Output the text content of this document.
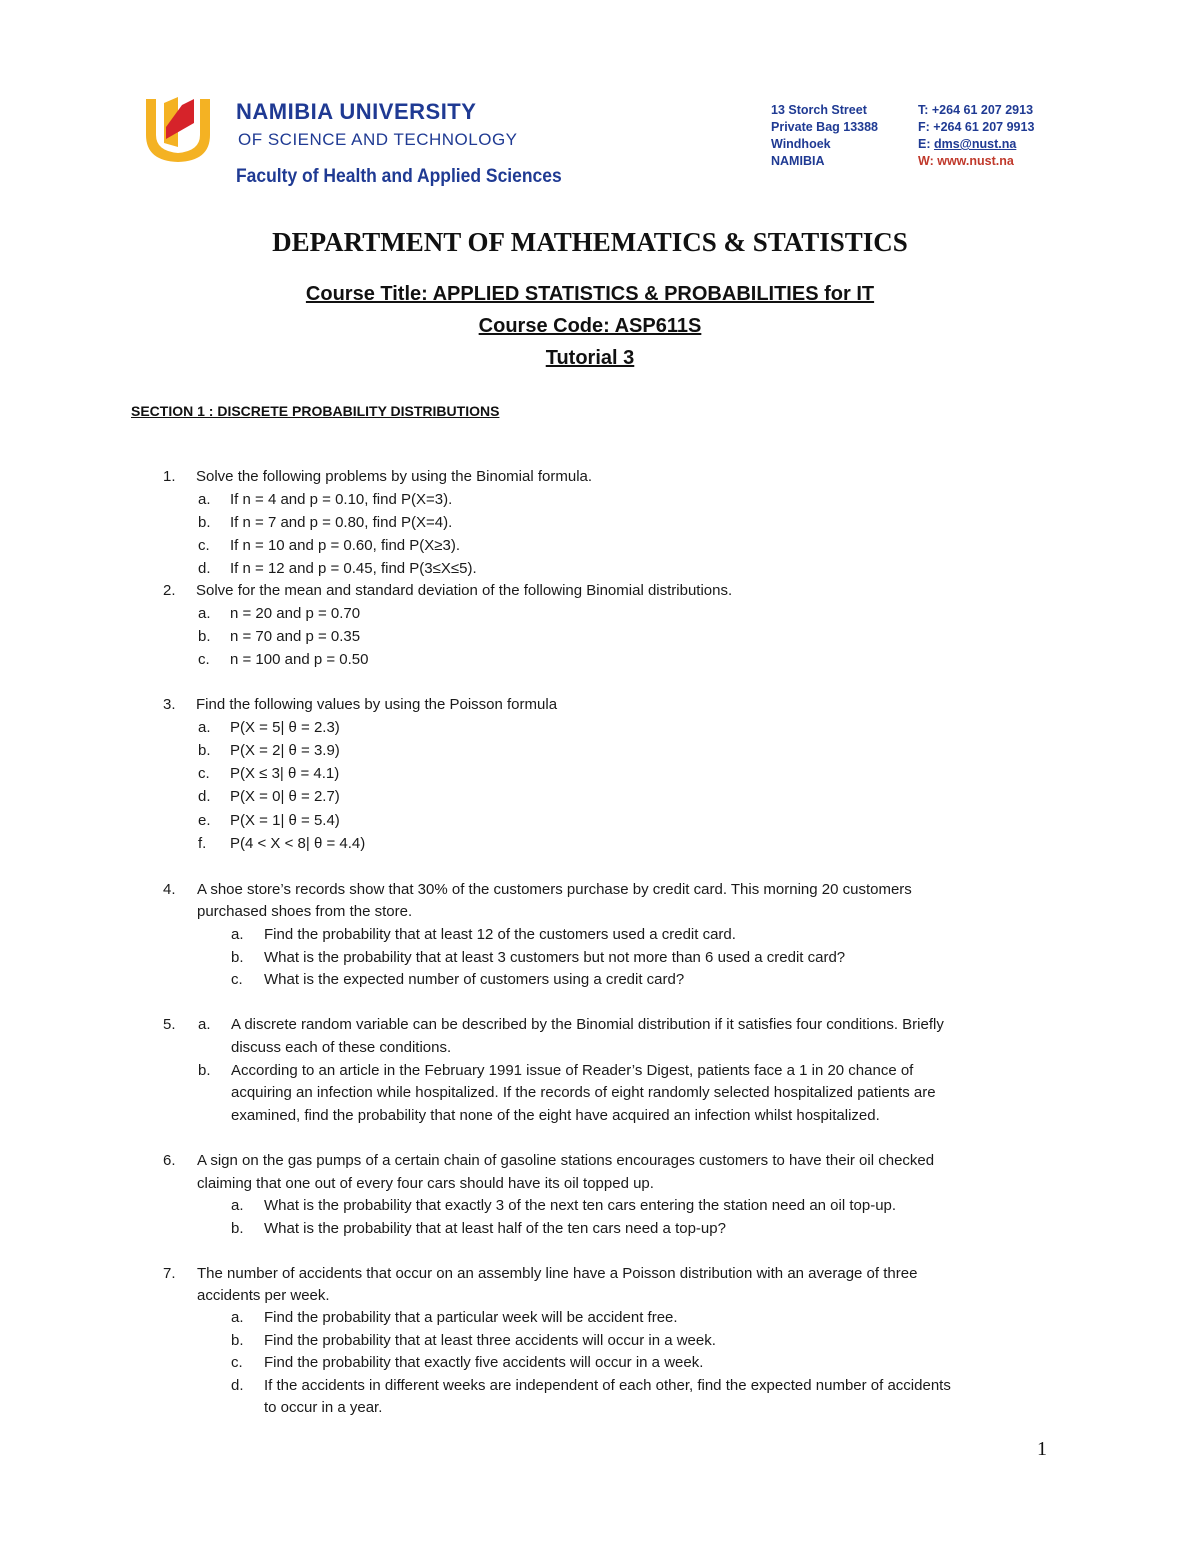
NAMIBIA UNIVERSITY
OF SCIENCE AND TECHNOLOGY
Faculty of Health and Applied Sciences
13 Storch Street
Private Bag 13388
Windhoek
NAMIBIA
T: +264 61 207 2913
F: +264 61 207 9913
E: dms@nust.na
W: www.nust.na
DEPARTMENT OF MATHEMATICS & STATISTICS
Course Title: APPLIED STATISTICS & PROBABILITIES for IT
Course Code: ASP611S
Tutorial 3
SECTION 1 : DISCRETE PROBABILITY DISTRIBUTIONS
1. Solve the following problems by using the Binomial formula.
a. If n = 4 and p = 0.10, find P(X=3).
b. If n = 7 and p = 0.80, find P(X=4).
c. If n = 10 and p = 0.60, find P(X≥3).
d. If n = 12 and p = 0.45, find P(3≤X≤5).
2. Solve for the mean and standard deviation of the following Binomial distributions.
a. n = 20 and p = 0.70
b. n = 70 and p = 0.35
c. n = 100 and p = 0.50
3. Find the following values by using the Poisson formula
a. P(X = 5| θ = 2.3)
b. P(X = 2| θ = 3.9)
c. P(X ≤ 3| θ = 4.1)
d. P(X = 0| θ = 2.7)
e. P(X = 1| θ = 5.4)
f. P(4 < X < 8| θ = 4.4)
4. A shoe store’s records show that 30% of the customers purchase by credit card. This morning 20 customers
purchased shoes from the store.
a. Find the probability that at least 12 of the customers used a credit card.
b. What is the probability that at least 3 customers but not more than 6 used a credit card?
c. What is the expected number of customers using a credit card?
5. a. A discrete random variable can be described by the Binomial distribution if it satisfies four conditions. Briefly
discuss each of these conditions.
b. According to an article in the February 1991 issue of Reader’s Digest, patients face a 1 in 20 chance of
acquiring an infection while hospitalized. If the records of eight randomly selected hospitalized patients are
examined, find the probability that none of the eight have acquired an infection whilst hospitalized.
6. A sign on the gas pumps of a certain chain of gasoline stations encourages customers to have their oil checked
claiming that one out of every four cars should have its oil topped up.
a. What is the probability that exactly 3 of the next ten cars entering the station need an oil top-up.
b. What is the probability that at least half of the ten cars need a top-up?
7. The number of accidents that occur on an assembly line have a Poisson distribution with an average of three
accidents per week.
a. Find the probability that a particular week will be accident free.
b. Find the probability that at least three accidents will occur in a week.
c. Find the probability that exactly five accidents will occur in a week.
d. If the accidents in different weeks are independent of each other, find the expected number of accidents
to occur in a year.
1
